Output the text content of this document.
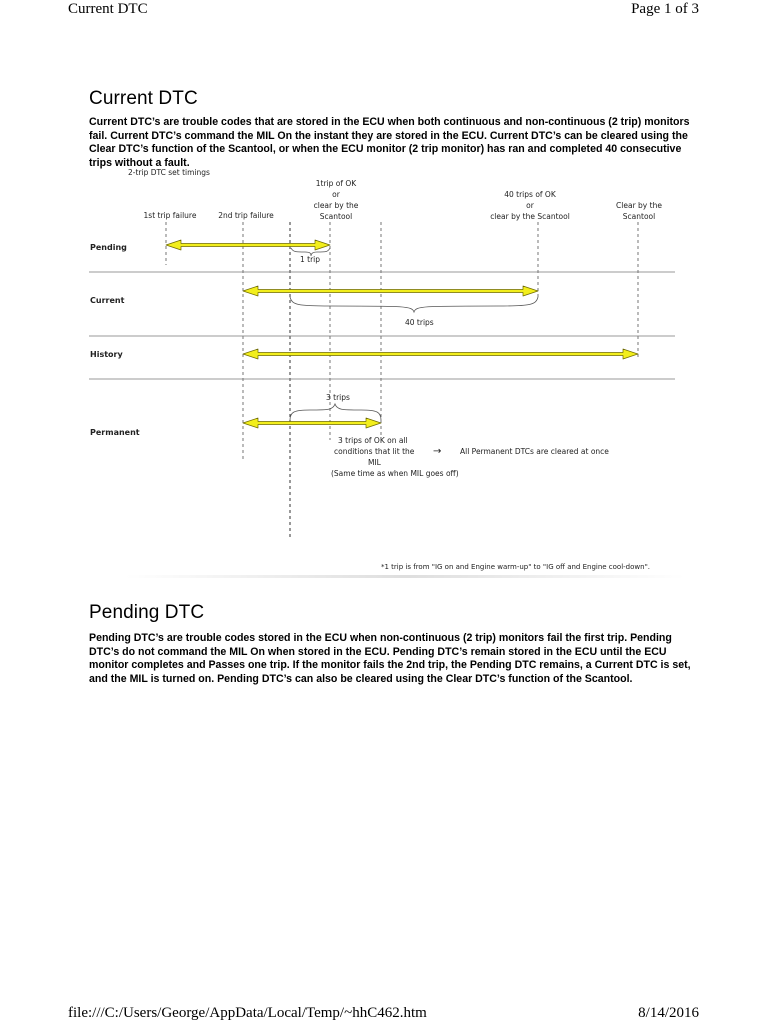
Current DTC	Page 1 of 3
Current DTC

Current DTC’s are trouble codes that are stored in the ECU when both continuous and non-continuous (2 trip) monitors fail. Current DTC’s command the MIL On the instant they are stored in the ECU. Current DTC’s can be cleared using the Clear DTC’s function of the Scantool, or when the ECU monitor (2 trip monitor) has ran and completed 40 consecutive trips without a fault.

2-trip DTC set timings
1st trip failure	2nd trip failure
1trip of OK
or
clear by the
Scantool
40 trips of OK
or
clear by the Scantool
Clear by the
Scantool
Pending
Current
History
Permanent
1 trip
40 trips
3 trips
3 trips of OK on all
conditions that lit the
MIL
(Same time as when MIL goes off)
→ All Permanent DTCs are cleared at once
*1 trip is from "IG on and Engine warm-up" to "IG off and Engine cool-down".
Pending DTC

Pending DTC’s are trouble codes stored in the ECU when non-continuous (2 trip) monitors fail the first trip. Pending DTC’s do not command the MIL On when stored in the ECU. Pending DTC’s remain stored in the ECU until the ECU monitor completes and Passes one trip. If the monitor fails the 2nd trip, the Pending DTC remains, a Current DTC is set, and the MIL is turned on. Pending DTC’s can also be cleared using the Clear DTC’s function of the Scantool.

file:///C:/Users/George/AppData/Local/Temp/~hhC462.htm	8/14/2016
